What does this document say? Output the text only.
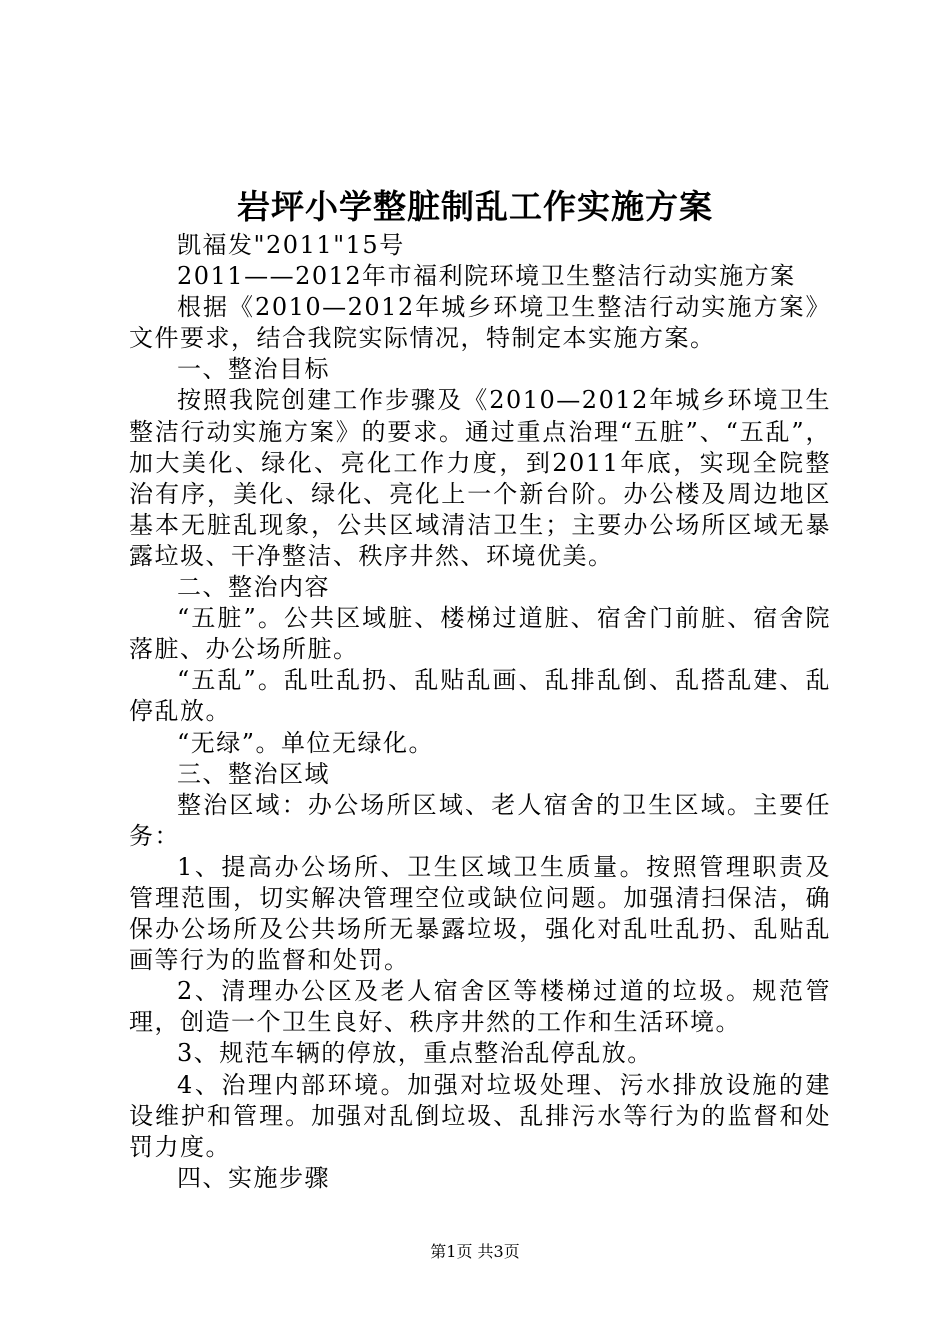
岩坪小学整脏制乱工作实施方案

凯福发"2011"15号

2011——2012年市福利院环境卫生整洁行动实施方案

根据《2010—2012年城乡环境卫生整洁行动实施方案》文件要求，结合我院实际情况，特制定本实施方案。

一、整治目标

按照我院创建工作步骤及《2010—2012年城乡环境卫生整洁行动实施方案》的要求。通过重点治理“五脏”、“五乱”，加大美化、绿化、亮化工作力度，到2011年底，实现全院整治有序，美化、绿化、亮化上一个新台阶。办公楼及周边地区基本无脏乱现象，公共区域清洁卫生；主要办公场所区域无暴露垃圾、干净整洁、秩序井然、环境优美。

二、整治内容

“五脏”。公共区域脏、楼梯过道脏、宿舍门前脏、宿舍院落脏、办公场所脏。

“五乱”。乱吐乱扔、乱贴乱画、乱排乱倒、乱搭乱建、乱停乱放。

“无绿”。单位无绿化。

三、整治区域

整治区域：办公场所区域、老人宿舍的卫生区域。主要任务：

1、提高办公场所、卫生区域卫生质量。按照管理职责及管理范围，切实解决管理空位或缺位问题。加强清扫保洁，确保办公场所及公共场所无暴露垃圾，强化对乱吐乱扔、乱贴乱画等行为的监督和处罚。

2、清理办公区及老人宿舍区等楼梯过道的垃圾。规范管理，创造一个卫生良好、秩序井然的工作和生活环境。

3、规范车辆的停放，重点整治乱停乱放。

4、治理内部环境。加强对垃圾处理、污水排放设施的建设维护和管理。加强对乱倒垃圾、乱排污水等行为的监督和处罚力度。

四、实施步骤

第1页 共3页
